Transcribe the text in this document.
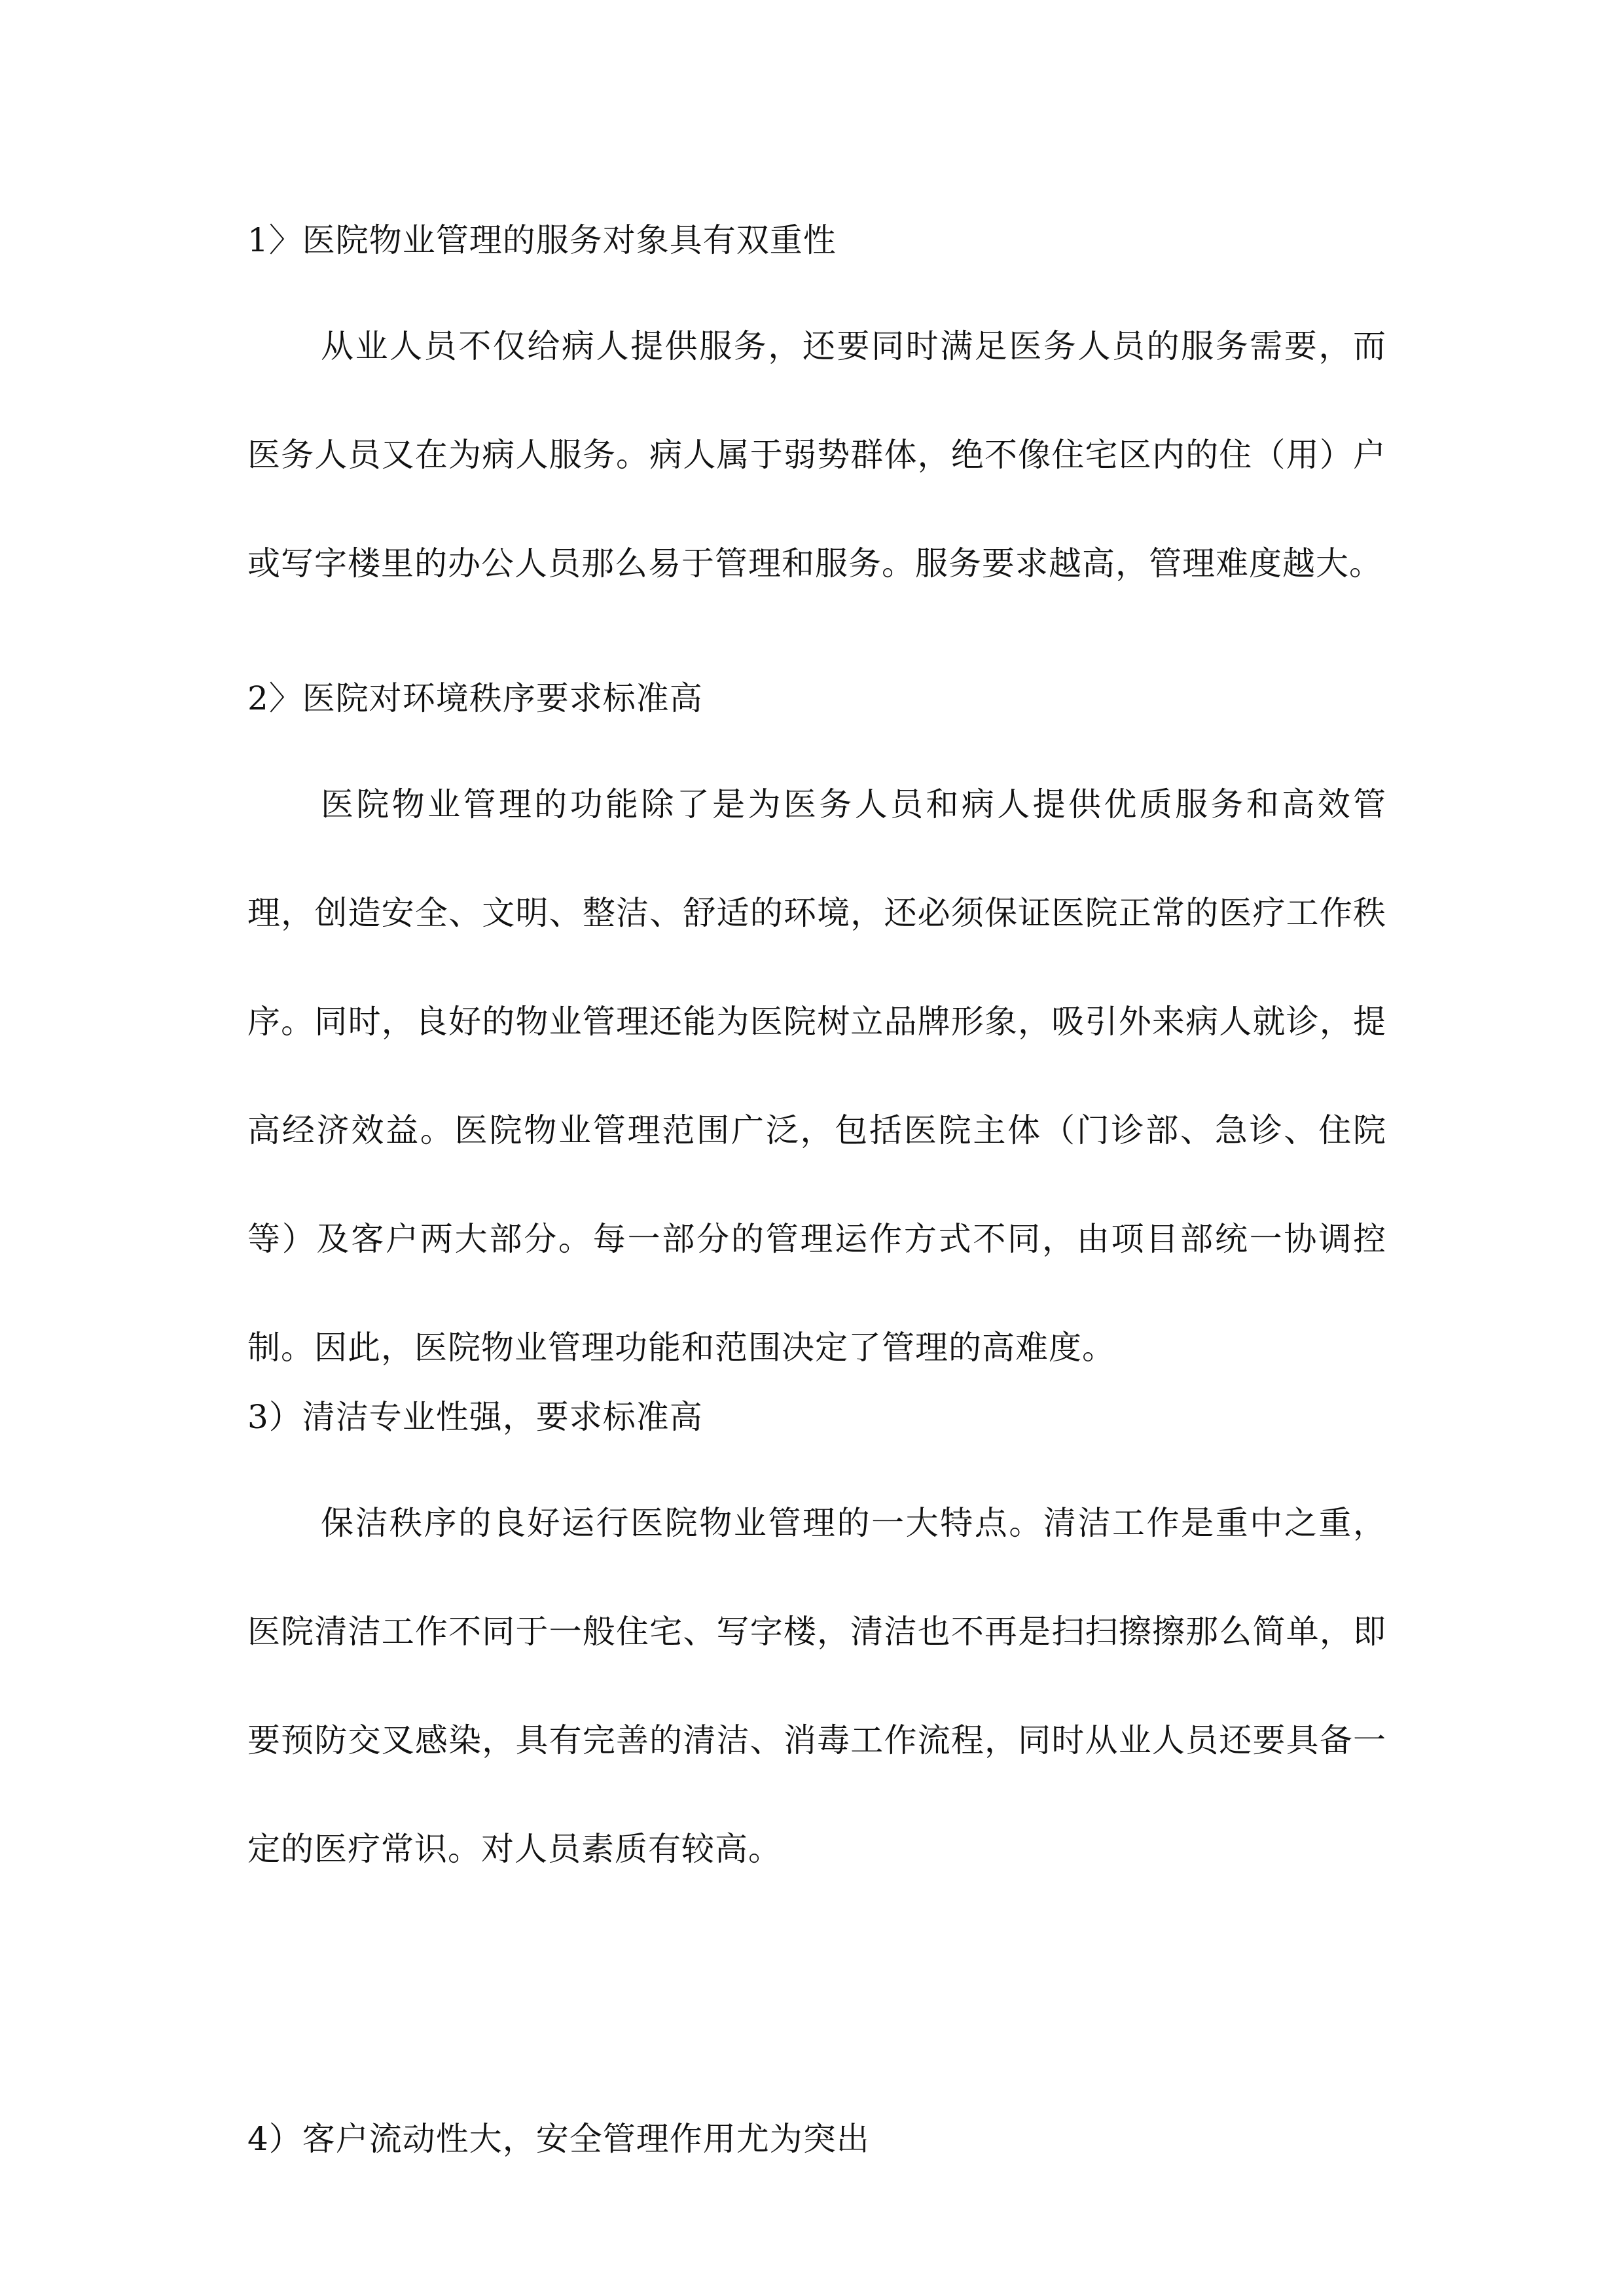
1〉医院物业管理的服务对象具有双重性

从业人员不仅给病人提供服务，还要同时满足医务人员的服务需要，而医务人员又在为病人服务。病人属于弱势群体，绝不像住宅区内的住（用）户或写字楼里的办公人员那么易于管理和服务。服务要求越高，管理难度越大。

2〉医院对环境秩序要求标准高

医院物业管理的功能除了是为医务人员和病人提供优质服务和高效管理，创造安全、文明、整洁、舒适的环境，还必须保证医院正常的医疗工作秩序。同时，良好的物业管理还能为医院树立品牌形象，吸引外来病人就诊，提高经济效益。医院物业管理范围广泛，包括医院主体（门诊部、急诊、住院等）及客户两大部分。每一部分的管理运作方式不同，由项目部统一协调控制。因此，医院物业管理功能和范围决定了管理的高难度。

3）清洁专业性强，要求标准高

保洁秩序的良好运行医院物业管理的一大特点。清洁工作是重中之重，医院清洁工作不同于一般住宅、写字楼，清洁也不再是扫扫擦擦那么简单，即要预防交叉感染，具有完善的清洁、消毒工作流程，同时从业人员还要具备一定的医疗常识。对人员素质有较高。

4）客户流动性大，安全管理作用尤为突出
